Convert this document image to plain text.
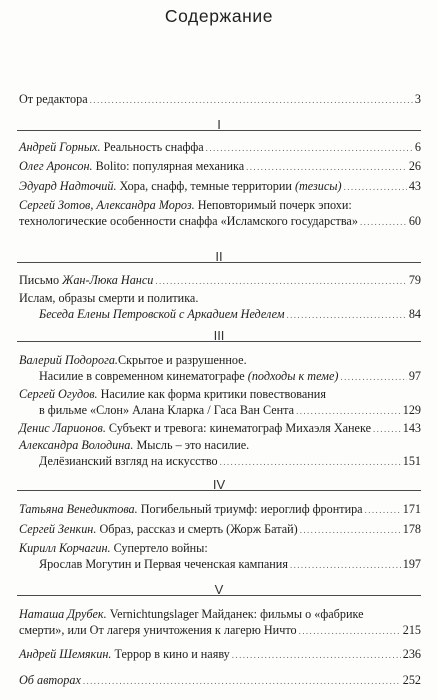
Содержание
От редактора .....	3
I
Андрей Горных.
Реальность снаффа .....	6
Олег Аронсон.
Bolito: популярная механика .....	26
Эдуард Надточий.
Хора, снафф, темные территории
(тезисы) .....	43
Сергей Зотов, Александра Мороз.
Неповторимый почерк эпохи:
технологические особенности снаффа «Исламского государства» .....	60
II
Письмо
Жан-Люка Нанси .....	79
Ислам, образы смерти и политика.
Беседа Елены Петровской с Аркадием Неделем .....	84
III
Валерий Подорога. Скрытое и разрушенное.
Насилие в современном кинематографе
(подходы к теме) .....	97
Сергей Огудов.
Насилие как форма критики повествования
в фильме «Слон» Алана Кларка / Гаса Ван Сента .....	129
Денис Ларионов.
Субъект и тревога: кинематограф Михаэля Ханеке .....	143
Александра Володина.
Мысль – это насилие.
Делёзианский взгляд на искусство .....	151
IV
Татьяна Венедиктова.
Погибельный триумф: иероглиф фронтира .....	171
Сергей Зенкин.
Образ, рассказ и смерть (Жорж Батай) .....	178
Кирилл Корчагин.
Супертело войны:
Ярослав Могутин и Первая чеченская кампания .....	197
V
Наташа Друбек.
Vernichtungslager Майданек: фильмы о «фабрике
смерти», или От лагеря уничтожения к лагерю Ничто .....	215
Андрей Шемякин.
Террор в кино и наяву .....	236
Об авторах .....	252
